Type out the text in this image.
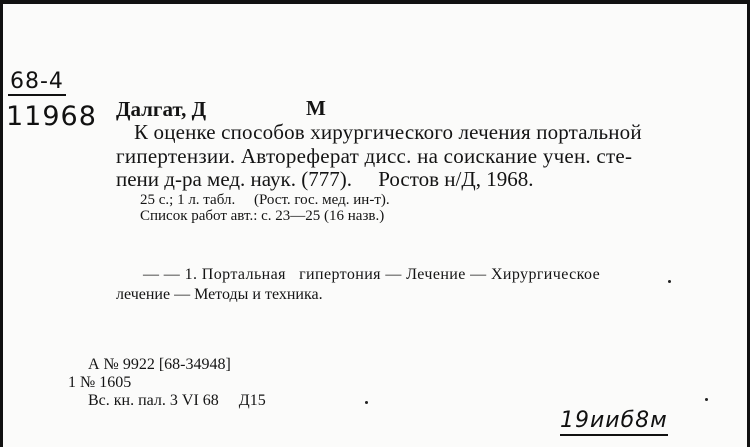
68-4
11968 Далгат, Д	М
К оценке способов хирургического лечения портальной
гипертензии. Автореферат дисс. на соискание учен. сте-
пени д-ра мед. наук. (777).     Ростов н/Д, 1968.
25 с.; 1 л. табл.     (Рост. гос. мед. ин-т).
Список работ авт.: с. 23—25 (16 назв.)
— — 1. Портальная   гипертония — Лечение — Хирургическое
лечение — Методы и техника.
А № 9922 [68-34948]
1 № 1605
Вс. кн. пал. 3 VI 68     Д15
19ииб8м
